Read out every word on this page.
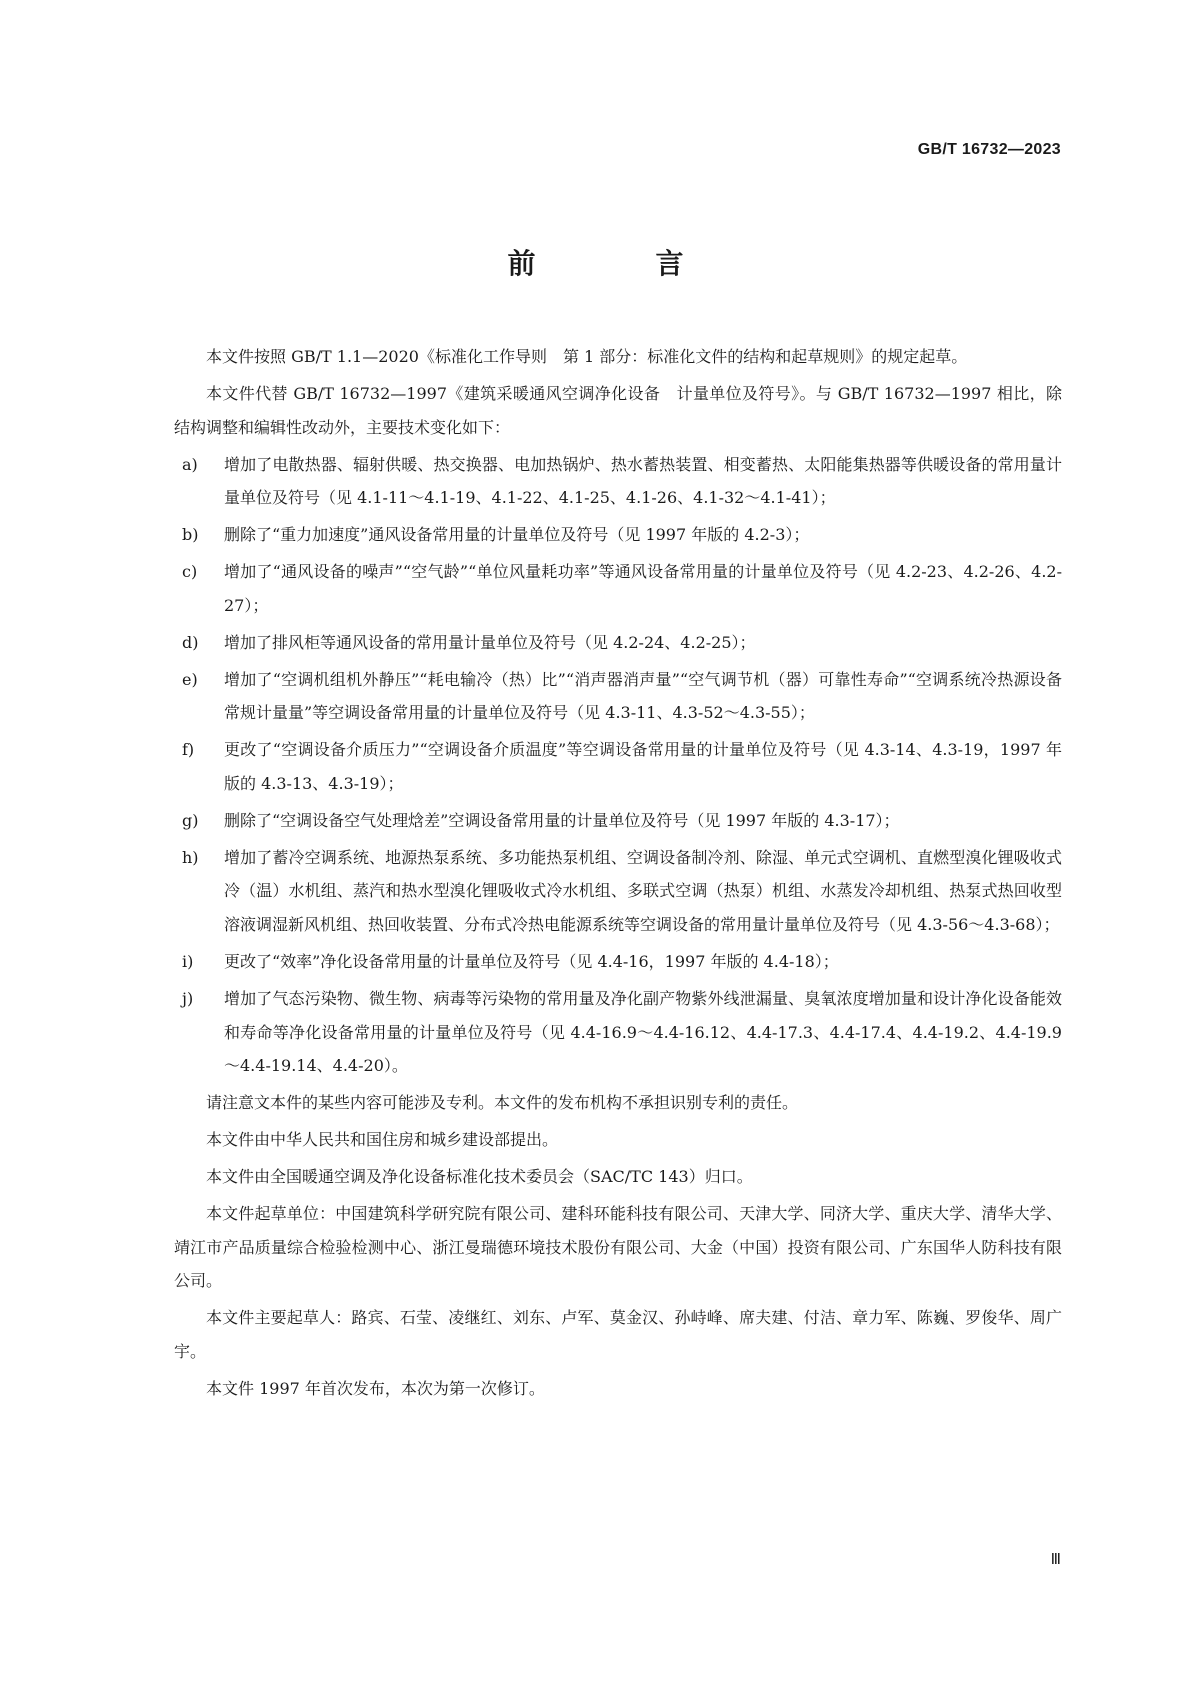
GB/T 16732—2023
前　言

本文件按照 GB/T 1.1—2020《标准化工作导则　第 1 部分：标准化文件的结构和起草规则》的规定起草。

本文件代替 GB/T 16732—1997《建筑采暖通风空调净化设备　计量单位及符号》。与 GB/T 16732—1997 相比，除结构调整和编辑性改动外，主要技术变化如下：

a) 增加了电散热器、辐射供暖、热交换器、电加热锅炉、热水蓄热装置、相变蓄热、太阳能集热器等供暖设备的常用量计量单位及符号（见 4.1-11～4.1-19、4.1-22、4.1-25、4.1-26、4.1-32～4.1-41）；
b) 删除了“重力加速度”通风设备常用量的计量单位及符号（见 1997 年版的 4.2-3）；
c) 增加了“通风设备的噪声”“空气龄”“单位风量耗功率”等通风设备常用量的计量单位及符号（见 4.2-23、4.2-26、4.2-27）；
d) 增加了排风柜等通风设备的常用量计量单位及符号（见 4.2-24、4.2-25）；
e) 增加了“空调机组机外静压”“耗电输冷（热）比”“消声器消声量”“空气调节机（器）可靠性寿命”“空调系统冷热源设备常规计量量”等空调设备常用量的计量单位及符号（见 4.3-11、4.3-52～4.3-55）；
f) 更改了“空调设备介质压力”“空调设备介质温度”等空调设备常用量的计量单位及符号（见 4.3-14、4.3-19，1997 年版的 4.3-13、4.3-19）；
g) 删除了“空调设备空气处理焓差”空调设备常用量的计量单位及符号（见 1997 年版的 4.3-17）；
h) 增加了蓄冷空调系统、地源热泵系统、多功能热泵机组、空调设备制冷剂、除湿、单元式空调机、直燃型溴化锂吸收式冷（温）水机组、蒸汽和热水型溴化锂吸收式冷水机组、多联式空调（热泵）机组、水蒸发冷却机组、热泵式热回收型溶液调湿新风机组、热回收装置、分布式冷热电能源系统等空调设备的常用量计量单位及符号（见 4.3-56～4.3-68）；
i) 更改了“效率”净化设备常用量的计量单位及符号（见 4.4-16，1997 年版的 4.4-18）；
j) 增加了气态污染物、微生物、病毒等污染物的常用量及净化副产物紫外线泄漏量、臭氧浓度增加量和设计净化设备能效和寿命等净化设备常用量的计量单位及符号（见 4.4-16.9～4.4-16.12、4.4-17.3、4.4-17.4、4.4-19.2、4.4-19.9～4.4-19.14、4.4-20）。

请注意文本件的某些内容可能涉及专利。本文件的发布机构不承担识别专利的责任。

本文件由中华人民共和国住房和城乡建设部提出。

本文件由全国暖通空调及净化设备标准化技术委员会（SAC/TC 143）归口。

本文件起草单位：中国建筑科学研究院有限公司、建科环能科技有限公司、天津大学、同济大学、重庆大学、清华大学、靖江市产品质量综合检验检测中心、浙江曼瑞德环境技术股份有限公司、大金（中国）投资有限公司、广东国华人防科技有限公司。

本文件主要起草人：路宾、石莹、凌继红、刘东、卢军、莫金汉、孙峙峰、席夫建、付洁、章力军、陈巍、罗俊华、周广宇。

本文件 1997 年首次发布，本次为第一次修订。

Ⅲ
